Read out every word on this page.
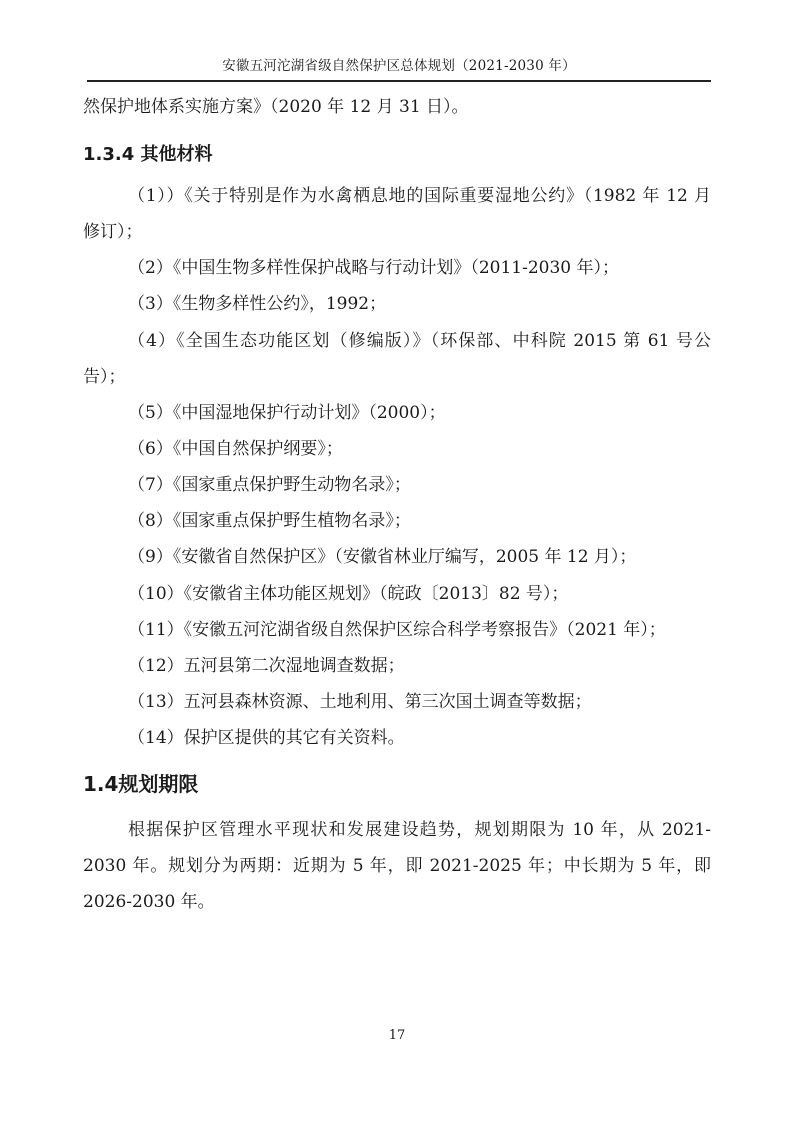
安徽五河沱湖省级自然保护区总体规划（2021-2030 年）
然保护地体系实施方案》（2020 年 12 月 31 日）。
1.3.4 其他材料
（1））《关于特别是作为水禽栖息地的国际重要湿地公约》（1982 年 12 月
修订）；
（2）《中国生物多样性保护战略与行动计划》（2011-2030 年）；
（3）《生物多样性公约》，1992；
（4）《全国生态功能区划（修编版）》（环保部、中科院 2015 第 61 号公
告）；
（5）《中国湿地保护行动计划》（2000）；
（6）《中国自然保护纲要》；
（7）《国家重点保护野生动物名录》；
（8）《国家重点保护野生植物名录》；
（9）《安徽省自然保护区》（安徽省林业厅编写，2005 年 12 月）；
（10）《安徽省主体功能区规划》（皖政〔2013〕82 号）；
（11）《安徽五河沱湖省级自然保护区综合科学考察报告》（2021 年）；
（12）五河县第二次湿地调查数据；
（13）五河县森林资源、土地利用、第三次国土调查等数据；
（14）保护区提供的其它有关资料。
1.4规划期限
根据保护区管理水平现状和发展建设趋势，规划期限为 10 年，从 2021-
2030 年。规划分为两期：近期为 5 年，即 2021-2025 年；中长期为 5 年，即
2026-2030 年。
17
